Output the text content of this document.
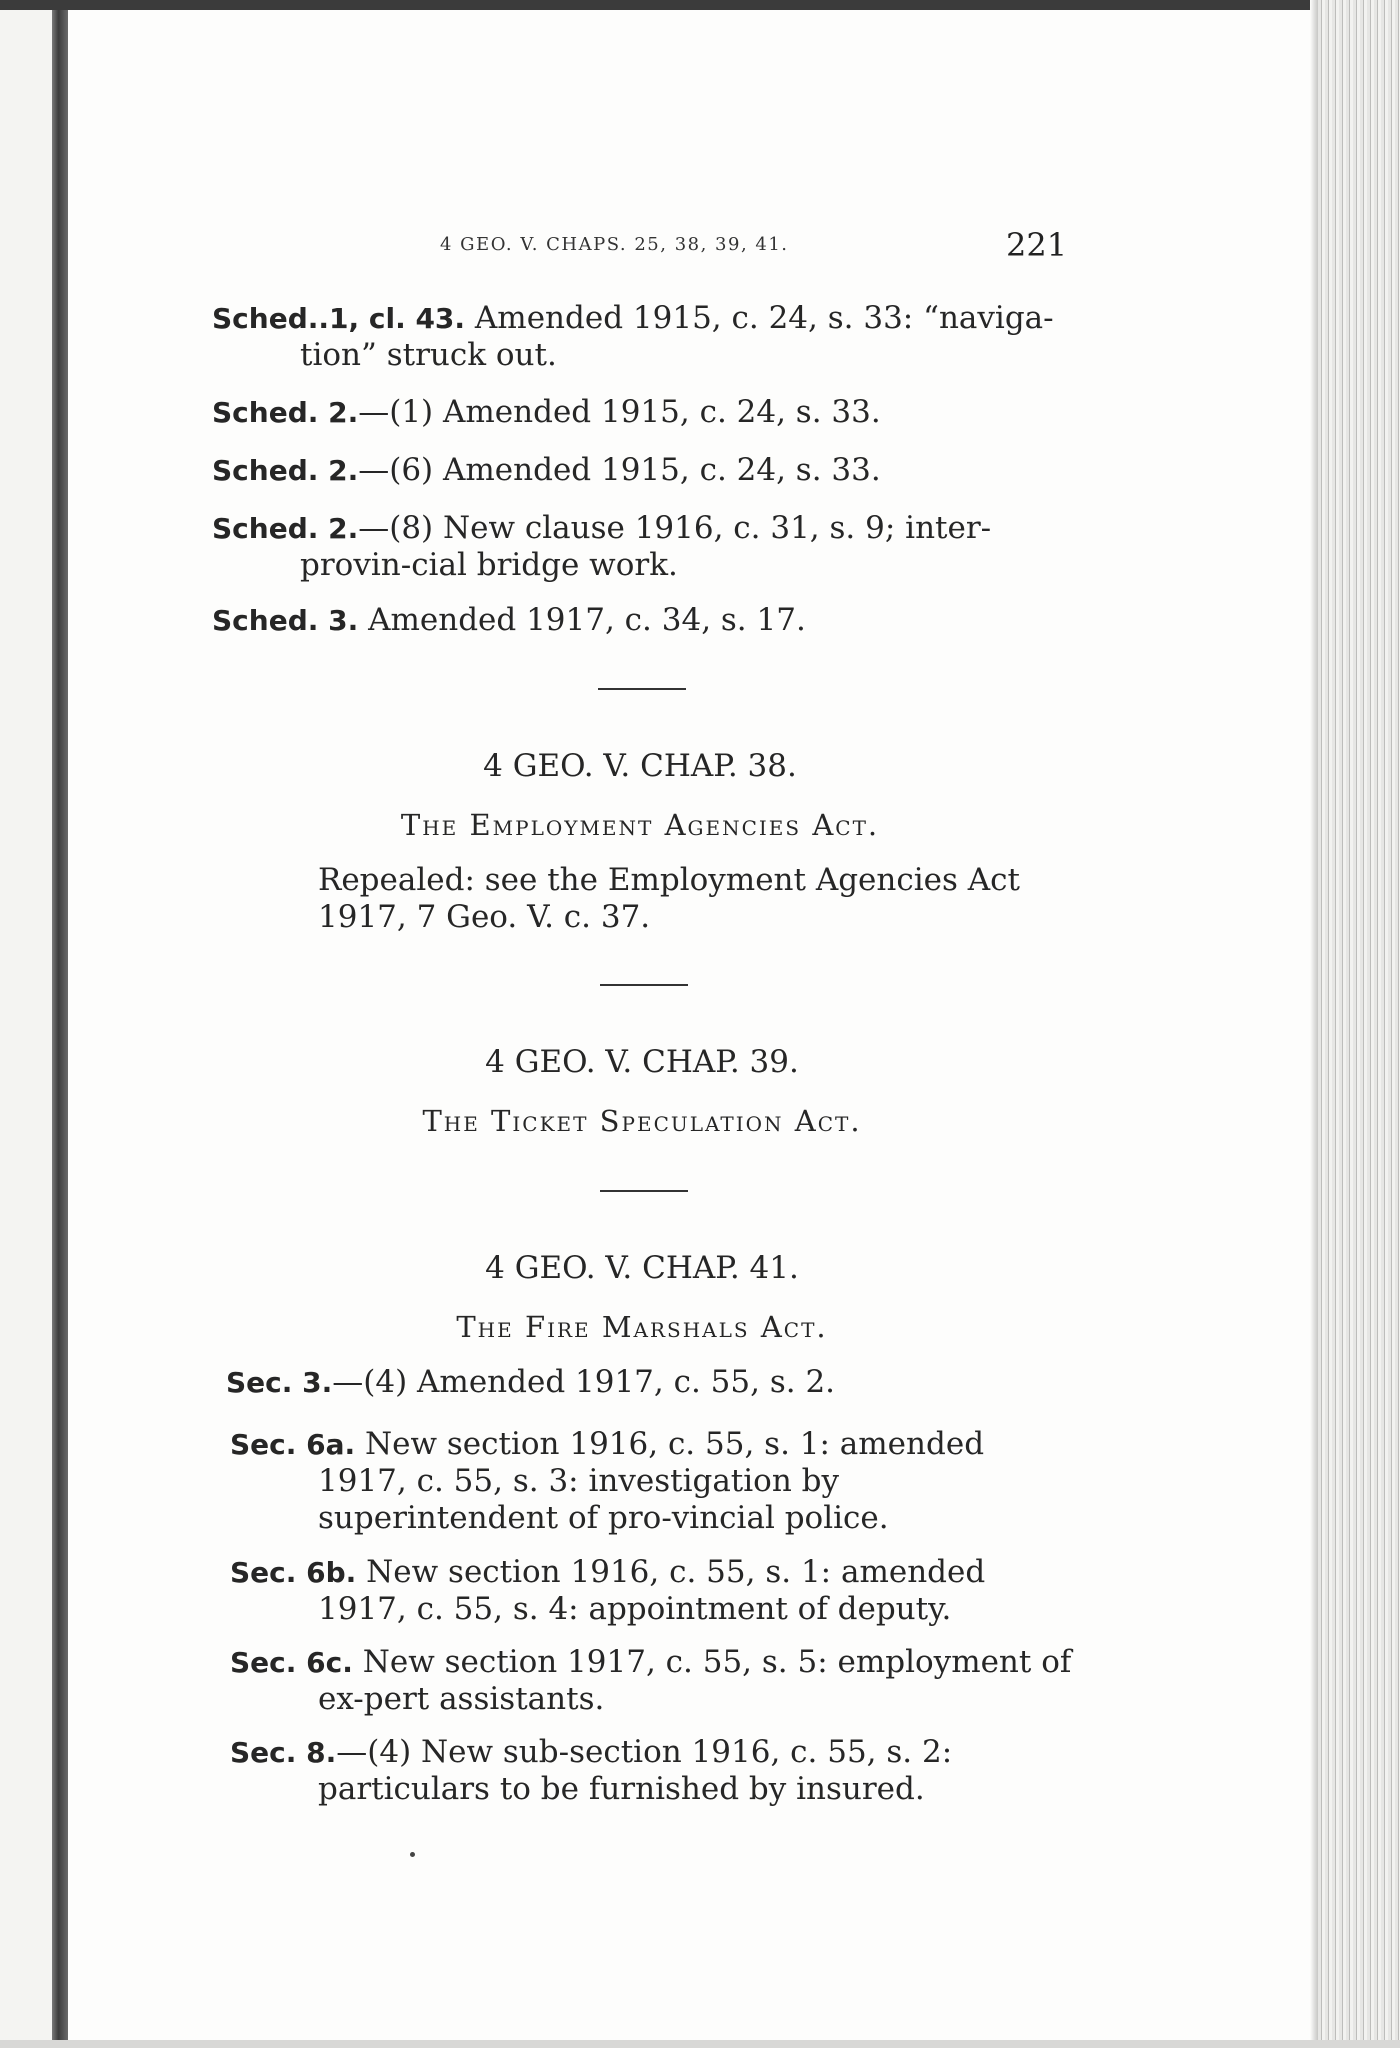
4 GEO. V. CHAPS. 25, 38, 39, 41.	221
Sched..1, cl. 43. Amended 1915, c. 24, s. 33: “naviga-tion” struck out.
Sched. 2.—(1) Amended 1915, c. 24, s. 33.
Sched. 2.—(6) Amended 1915, c. 24, s. 33.
Sched. 2.—(8) New clause 1916, c. 31, s. 9; inter-provin-cial bridge work.
Sched. 3. Amended 1917, c. 34, s. 17.
4 GEO. V. CHAP. 38.
The Employment Agencies Act.
Repealed: see the Employment Agencies Act 1917, 7 Geo. V. c. 37.
4 GEO. V. CHAP. 39.
The Ticket Speculation Act.
4 GEO. V. CHAP. 41.
The Fire Marshals Act.
Sec. 3.—(4) Amended 1917, c. 55, s. 2.
Sec. 6a. New section 1916, c. 55, s. 1: amended 1917, c. 55, s. 3: investigation by superintendent of pro-vincial police.
Sec. 6b. New section 1916, c. 55, s. 1: amended 1917, c. 55, s. 4: appointment of deputy.
Sec. 6c. New section 1917, c. 55, s. 5: employment of ex-pert assistants.
Sec. 8.—(4) New sub-section 1916, c. 55, s. 2: particulars to be furnished by insured.
